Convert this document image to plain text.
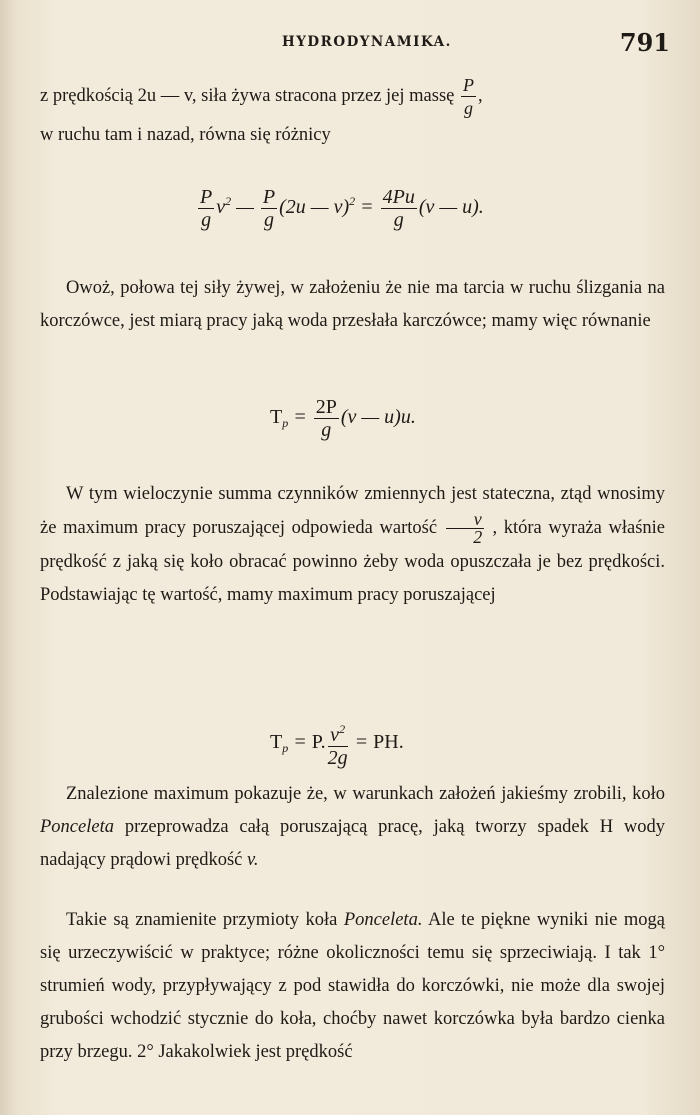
HYDRODYNAMIKA.	791

z prędkością 2u — v, siła żywa stracona przez jej massę $\frac{P}{g}$ ,

w ruchu tam i nazad, równa się różnicy

$\frac{P}{g} v^2$ — $\frac{P}{g} (2u$ — $v)^2 = \frac{4Pu}{g} (v$ — u).

Owoż, połowa tej siły żywej, w założeniu że nie ma tarcia w ruchu ślizgania na korczówce, jest miarą pracy jaką woda przesłała karczówce; mamy więc równanie

$T_p = \frac{2P}{g} (v$ — u)u.

W tym wieloczynie summa czynników zmiennych jest stateczna, ztąd wnosimy że maximum pracy poruszającej odpowieda wartość $\frac{v}{2}$ , która wyraża właśnie prędkość z jaką się koło obracać powinno żeby woda opuszczała je bez prędkości. Podstawiając tę wartość, mamy maximum pracy poruszającej

$T_p = P$. $\frac{v^2}{2g}$ = PH.

Znalezione maximum pokazuje że, w warunkach założeń jakieśmy zrobili, koło Ponceleta przeprowadza całą poruszającą pracę, jaką tworzy spadek H wody nadający prądowi prędkość v.

Takie są znamienite przymioty koła Ponceleta. Ale te piękne wyniki nie mogą się urzeczywiścić w praktyce; różne okoliczności temu się sprzeciwiają. I tak 1° strumień wody, przypływający z pod stawidła do korczówki, nie może dla swojej grubości wchodzić stycznie do koła, choćby nawet korczówka była bardzo cienka przy brzegu. 2° Jakakolwiek jest prędkość
